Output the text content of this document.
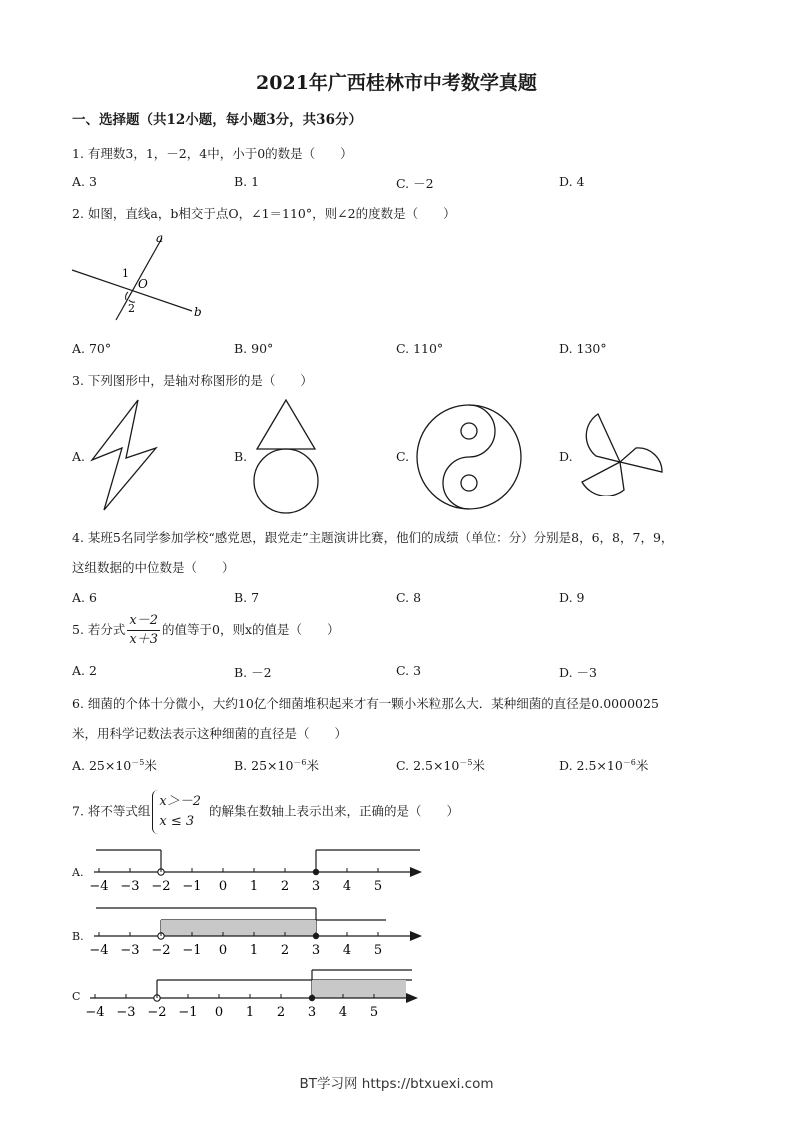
2021年广西桂林市中考数学真题
一、选择题（共12小题，每小题3分，共36分）
1. 有理数3，1，－2，4中，小于0的数是（　　）
A. 3	B. 1	C. －2	D. 4
2. 如图，直线a，b相交于点O，∠1＝110°，则∠2的度数是（　　）
a
b
O
1
2
A. 70°	B. 90°	C. 110°	D. 130°
3. 下列图形中，是轴对称图形的是（　　）
A.	B.	C.	D.
4. 某班5名同学参加学校“感党恩，跟党走”主题演讲比赛，他们的成绩（单位：分）分别是8，6，8，7，9，
这组数据的中位数是（　　）
A. 6	B. 7	C. 8	D. 9
5. 若分式 $\frac{x-2}{x+3}$ 的值等于0，则x的值是（　　）
A. 2	B. －2	C. 3	D. －3
6. 细菌的个体十分微小，大约10亿个细菌堆积起来才有一颗小米粒那么大．某种细菌的直径是0.0000025
米，用科学记数法表示这种细菌的直径是（　　）
A. $25\times 10^{-5}$米	B. $25\times 10^{-6}$米	C. $2.5\times 10^{-5}$米	D. $2.5\times 10^{-6}$米
7. 将不等式组
x＞－2
x ≤ 3
的解集在数轴上表示出来，正确的是（　　）
A.
−4 −3 −2 −1 0 1 2 3 4 5
B.
−4 −3 −2 −1 0 1 2 3 4 5
C
−4 −3 −2 −1 0 1 2 3 4 5
BT学习网 https://btxuexi.com
